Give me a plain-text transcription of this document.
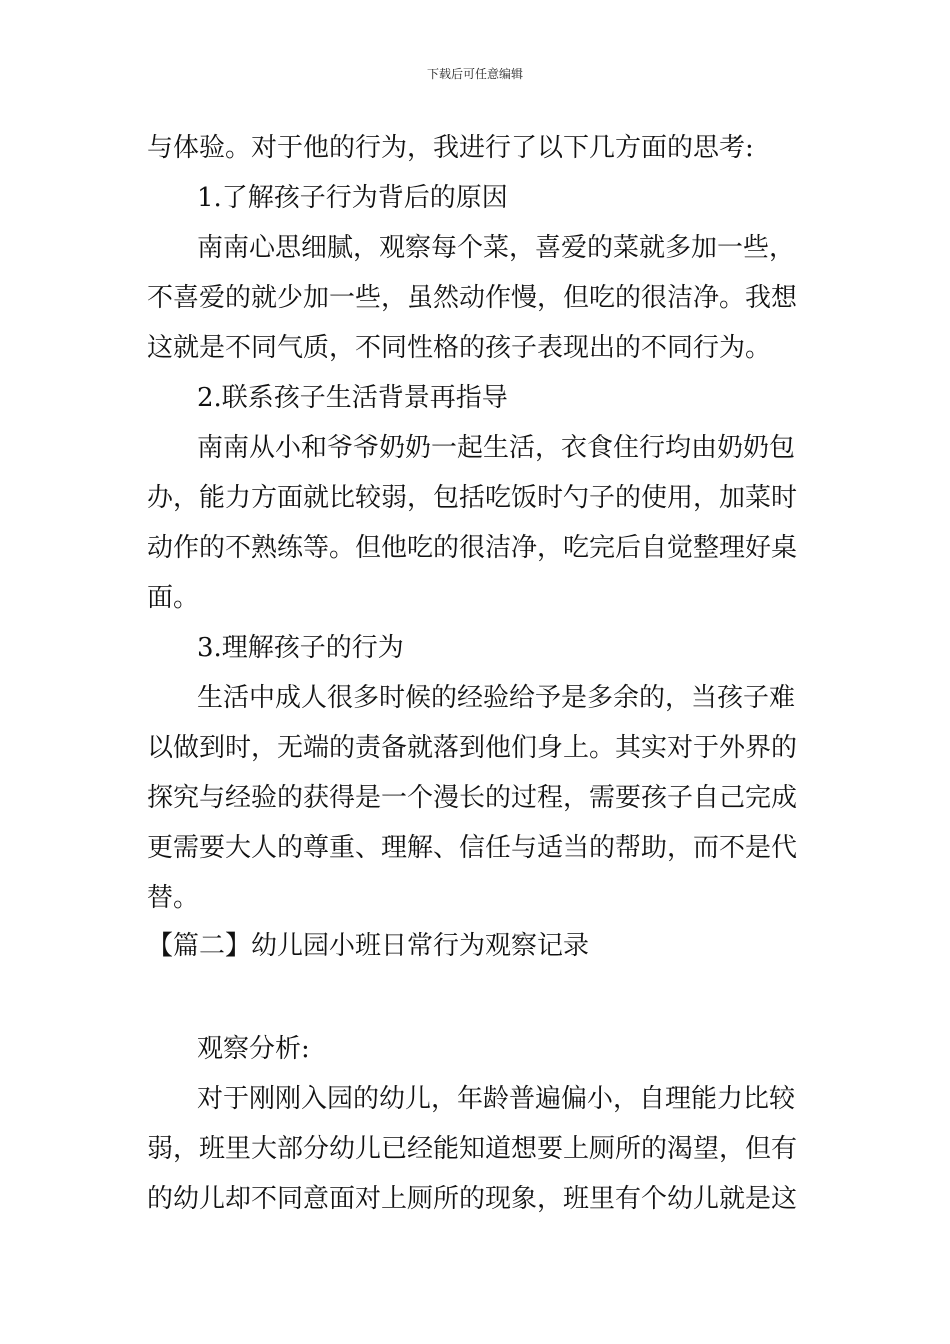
下载后可任意编辑
与体验。对于他的行为，我进行了以下几方面的思考:
1.了解孩子行为背后的原因
南南心思细腻，观察每个菜，喜爱的菜就多加一些，
不喜爱的就少加一些，虽然动作慢，但吃的很洁净。我想
这就是不同气质，不同性格的孩子表现出的不同行为。
2.联系孩子生活背景再指导
南南从小和爷爷奶奶一起生活，衣食住行均由奶奶包
办，能力方面就比较弱，包括吃饭时勺子的使用，加菜时
动作的不熟练等。但他吃的很洁净，吃完后自觉整理好桌
面。
3.理解孩子的行为
生活中成人很多时候的经验给予是多余的，当孩子难
以做到时，无端的责备就落到他们身上。其实对于外界的
探究与经验的获得是一个漫长的过程，需要孩子自己完成
更需要大人的尊重、理解、信任与适当的帮助，而不是代
替。
【篇二】幼儿园小班日常行为观察记录
观察分析:
对于刚刚入园的幼儿，年龄普遍偏小，自理能力比较
弱，班里大部分幼儿已经能知道想要上厕所的渴望，但有
的幼儿却不同意面对上厕所的现象，班里有个幼儿就是这
